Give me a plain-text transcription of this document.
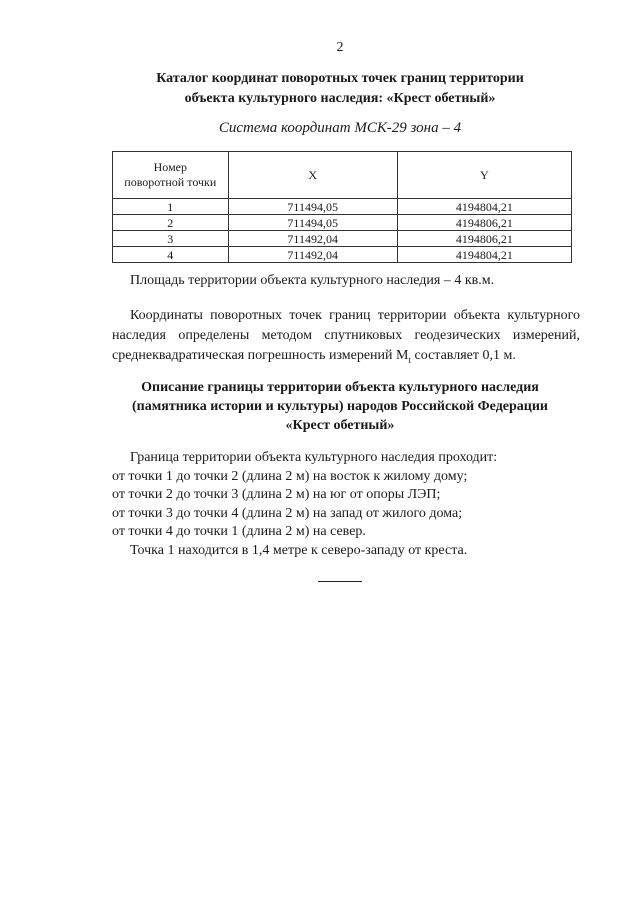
2
Каталог координат поворотных точек границ территории
объекта культурного наследия: «Крест обетный»
Система координат МСК-29 зона – 4
Номер
поворотной точки	X	Y
1	711494,05	4194804,21
2	711494,05	4194806,21
3	711492,04	4194806,21
4	711492,04	4194804,21
Площадь территории объекта культурного наследия – 4 кв.м.
Координаты поворотных точек границ территории объекта культурного наследия определены методом спутниковых геодезических измерений, среднеквадратическая погрешность измерений $M_t$ составляет 0,1 м.
Описание границы территории объекта культурного наследия
(памятника истории и культуры) народов Российской Федерации
«Крест обетный»
Граница территории объекта культурного наследия проходит:
от точки 1 до точки 2 (длина 2 м) на восток к жилому дому;
от точки 2 до точки 3 (длина 2 м) на юг от опоры ЛЭП;
от точки 3 до точки 4 (длина 2 м) на запад от жилого дома;
от точки 4 до точки 1 (длина 2 м) на север.
Точка 1 находится в 1,4 метре к северо-западу от креста.
